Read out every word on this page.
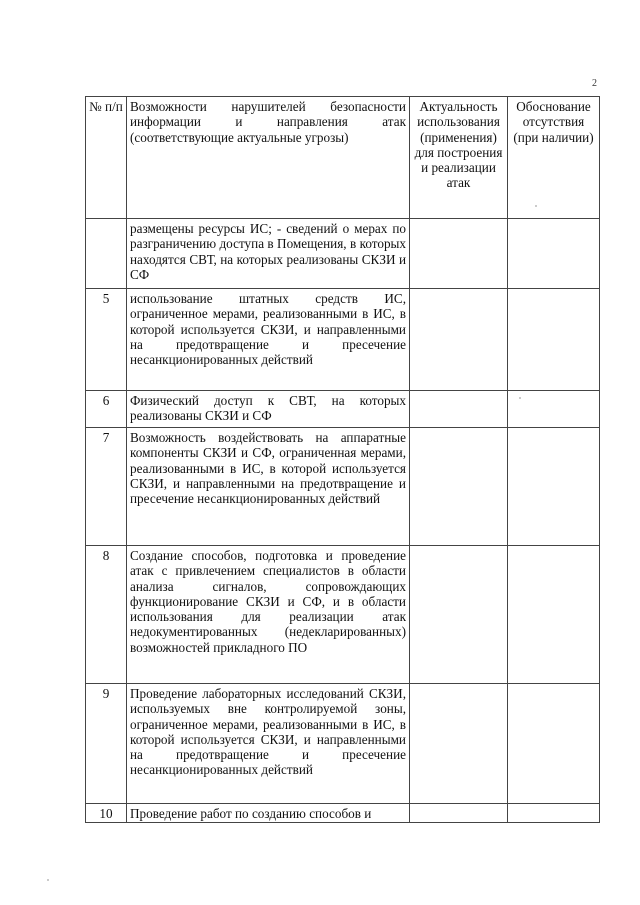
2
№ п/п	Возможности нарушителей безопасности информации и направления атак (соответствующие актуальные угрозы)	Актуальность использования (применения) для построения и реализации атак	Обоснование отсутствия (при наличии)
	размещены ресурсы ИС; - сведений о мерах по разграничению доступа в Помещения, в которых находятся СВТ, на которых реализованы СКЗИ и СФ		
5	использование штатных средств ИС, ограниченное мерами, реализованными в ИС, в которой используется СКЗИ, и направленными на предотвращение и пресечение несанкционированных действий		
6	Физический доступ к СВТ, на которых реализованы СКЗИ и СФ		
7	Возможность воздействовать на аппаратные компоненты СКЗИ и СФ, ограниченная мерами, реализованными в ИС, в которой используется СКЗИ, и направленными на предотвращение и пресечение несанкционированных действий		
8	Создание способов, подготовка и проведение атак с привлечением специалистов в области анализа сигналов, сопровождающих функционирование СКЗИ и СФ, и в области использования для реализации атак недокументированных (недекларированных) возможностей прикладного ПО		
9	Проведение лабораторных исследований СКЗИ, используемых вне контролируемой зоны, ограниченное мерами, реализованными в ИС, в которой используется СКЗИ, и направленными на предотвращение и пресечение несанкционированных действий		
10	Проведение работ по созданию способов и		
